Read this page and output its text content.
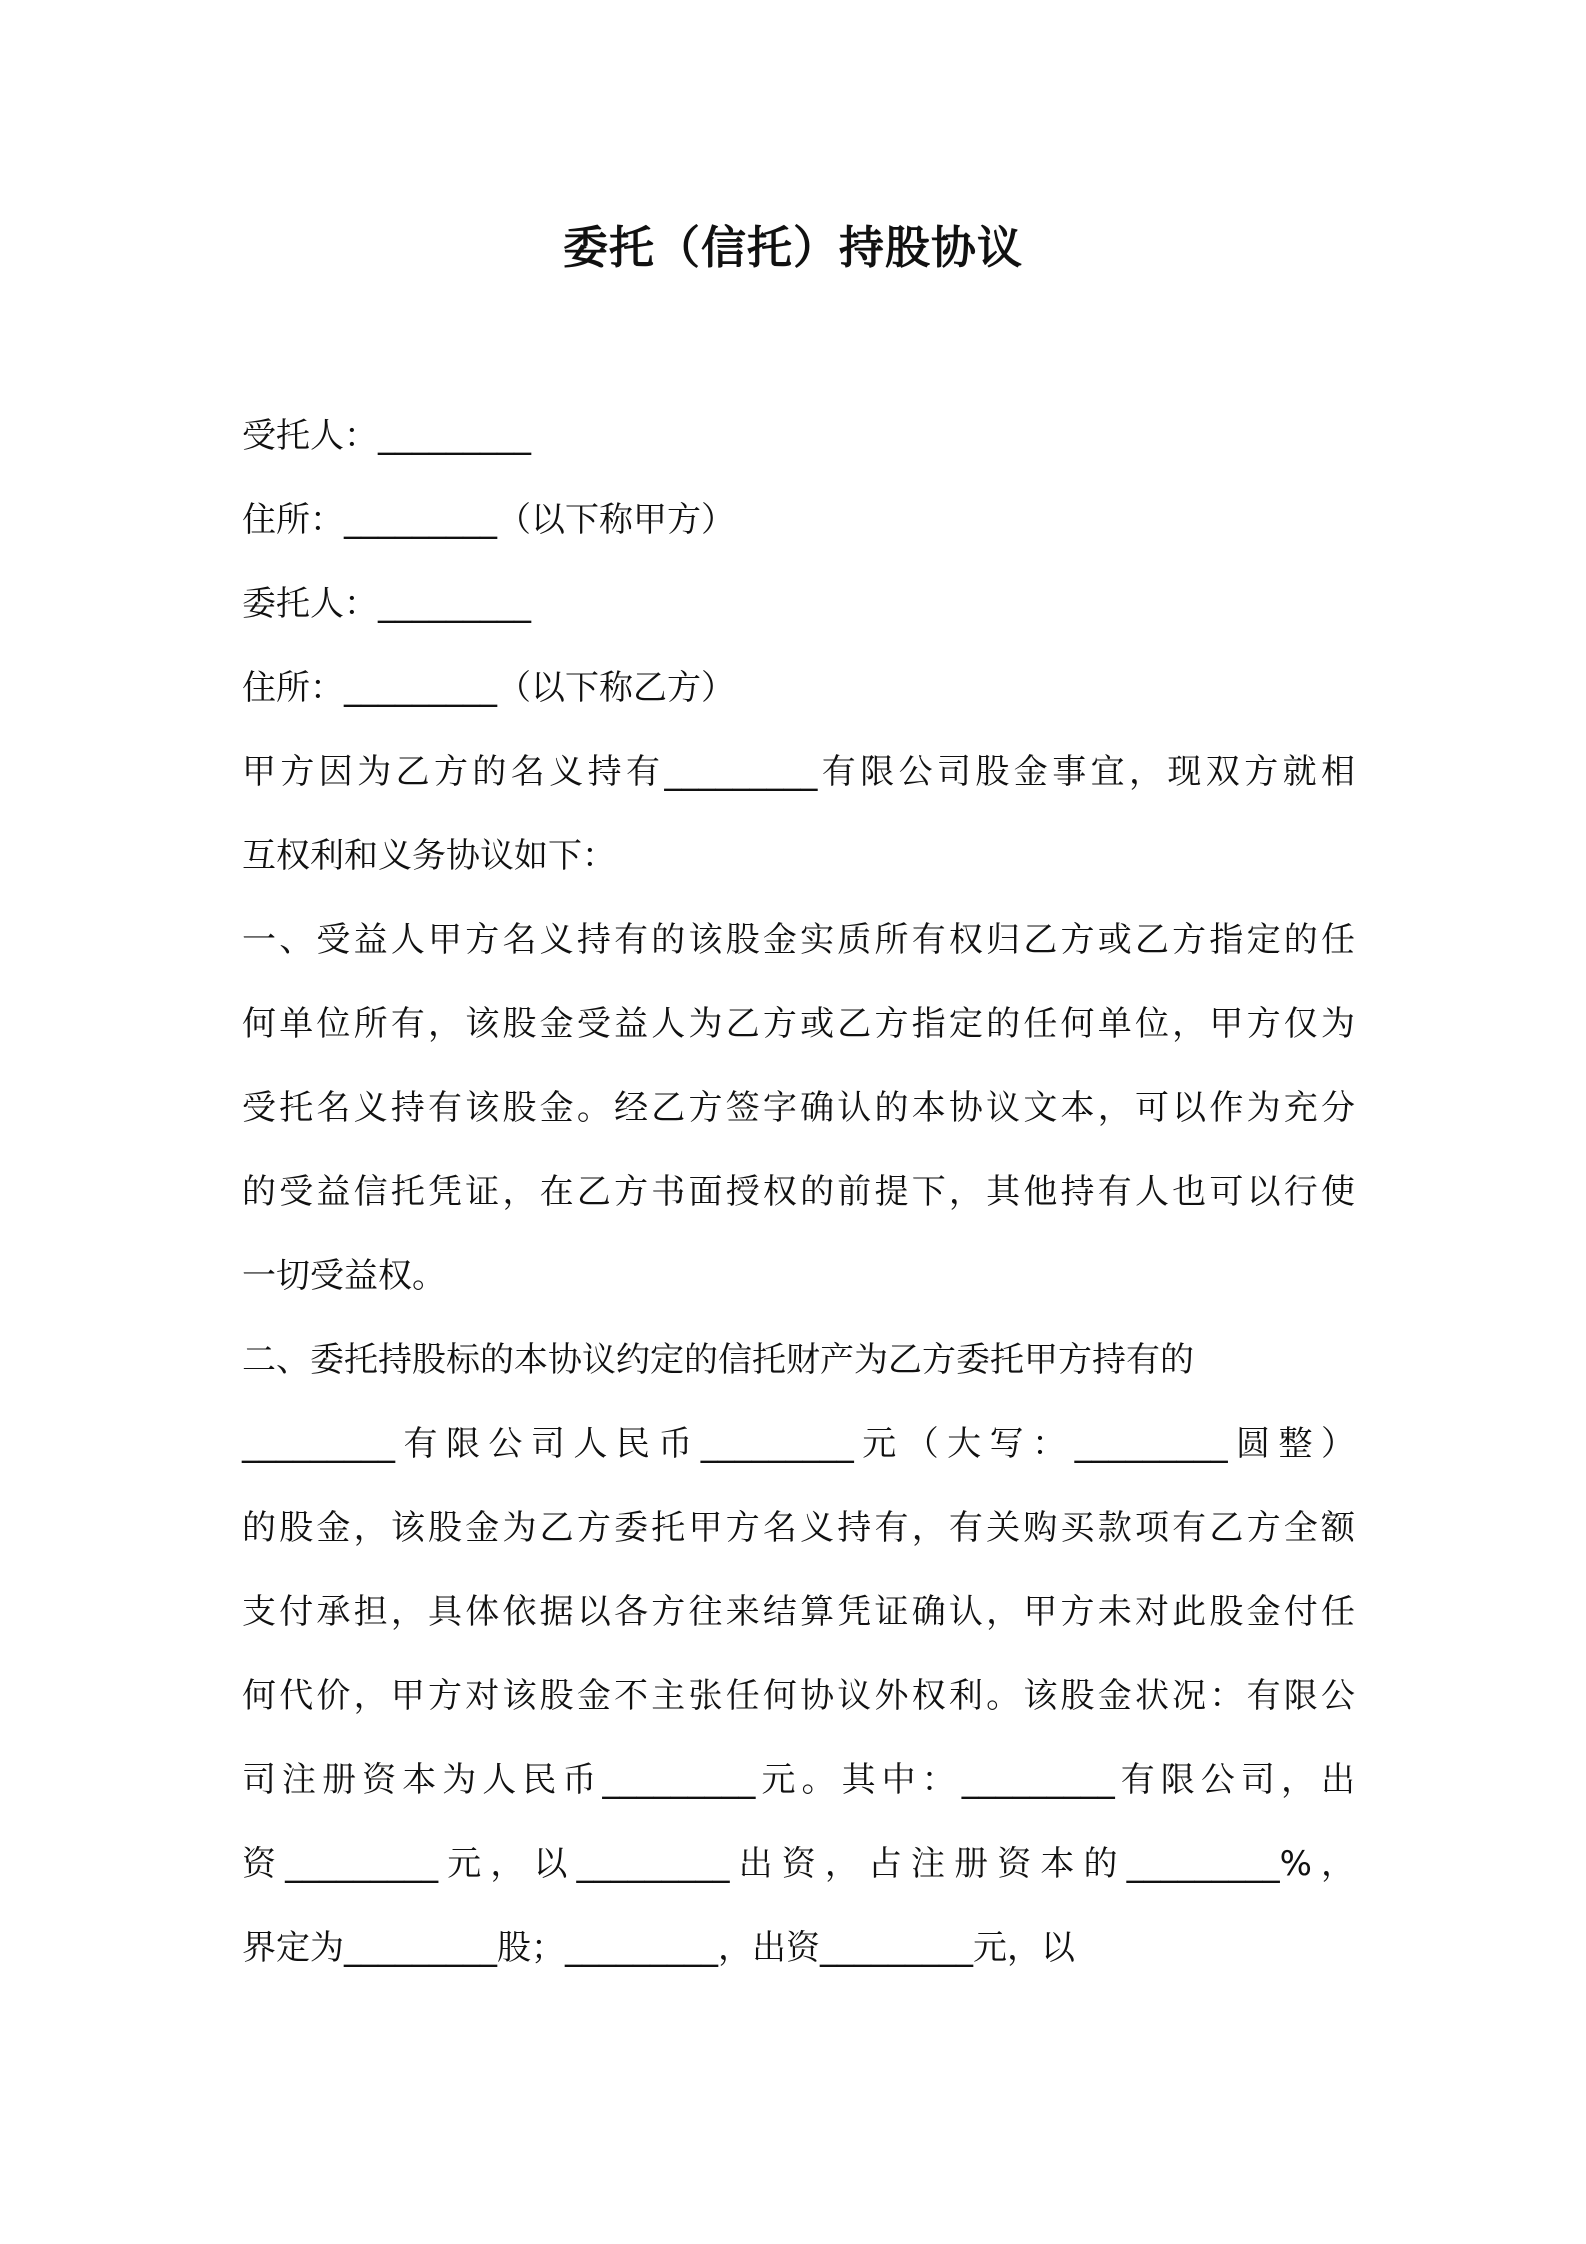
委托（信托）持股协议

受托人：_________

住所：_________（以下称甲方）

委托人：_________

住所：_________（以下称乙方）

甲方因为乙方的名义持有_________有限公司股金事宜，现双方就相

互权利和义务协议如下：

一、受益人甲方名义持有的该股金实质所有权归乙方或乙方指定的任

何单位所有，该股金受益人为乙方或乙方指定的任何单位，甲方仅为

受托名义持有该股金。经乙方签字确认的本协议文本，可以作为充分

的受益信托凭证，在乙方书面授权的前提下，其他持有人也可以行使

一切受益权。

二、委托持股标的本协议约定的信托财产为乙方委托甲方持有的

_________有限公司人民币_________元（大写：_________圆整）

的股金，该股金为乙方委托甲方名义持有，有关购买款项有乙方全额

支付承担，具体依据以各方往来结算凭证确认，甲方未对此股金付任

何代价，甲方对该股金不主张任何协议外权利。该股金状况：有限公

司注册资本为人民币_________元。其中：_________有限公司，出

资_________元，以_________出资，占注册资本的_________%，

界定为_________股；_________，出资_________元，以
